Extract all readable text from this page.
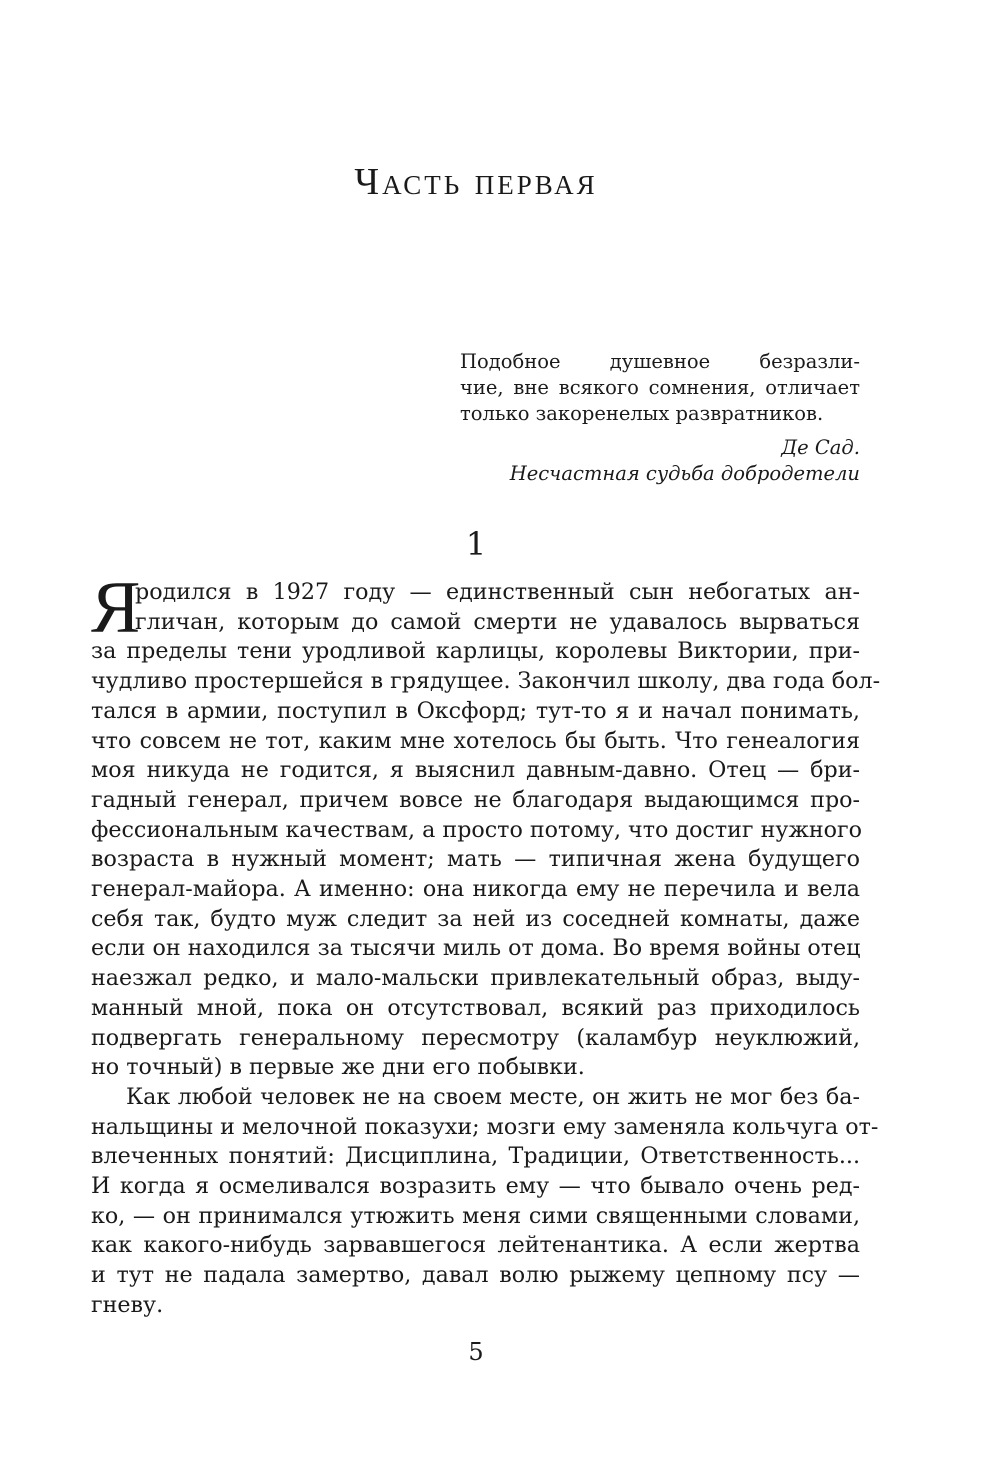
Часть первая

Подобное душевное безразли-
чие, вне всякого сомнения, отличает
только закоренелых развратников.

Де Сад.

Несчастная судьба добродетели

1
Я
родился в 1927 году — единственный сын небогатых ан-
гличан, которым до самой смерти не удавалось вырваться
за пределы тени уродливой карлицы, королевы Виктории, при-
чудливо простершейся в грядущее. Закончил школу, два года бол-
тался в армии, поступил в Оксфорд; тут-то я и начал понимать,
что совсем не тот, каким мне хотелось бы быть. Что генеалогия
моя никуда не годится, я выяснил давным-давно. Отец — бри-
гадный генерал, причем вовсе не благодаря выдающимся про-
фессиональным качествам, а просто потому, что достиг нужного
возраста в нужный момент; мать — типичная жена будущего
генерал-майора. А именно: она никогда ему не перечила и вела
себя так, будто муж следит за ней из соседней комнаты, даже
если он находился за тысячи миль от дома. Во время войны отец
наезжал редко, и мало-мальски привлекательный образ, выду-
манный мной, пока он отсутствовал, всякий раз приходилось
подвергать генеральному пересмотру (каламбур неуклюжий,
но точный) в первые же дни его побывки.
Как любой человек не на своем месте, он жить не мог без ба-
нальщины и мелочной показухи; мозги ему заменяла кольчуга от-
влеченных понятий: Дисциплина, Традиции, Ответственность...
И когда я осмеливался возразить ему — что бывало очень ред-
ко, — он принимался утюжить меня сими священными словами,
как какого-нибудь зарвавшегося лейтенантика. А если жертва
и тут не падала замертво, давал волю рыжему цепному псу —
гневу.
5
